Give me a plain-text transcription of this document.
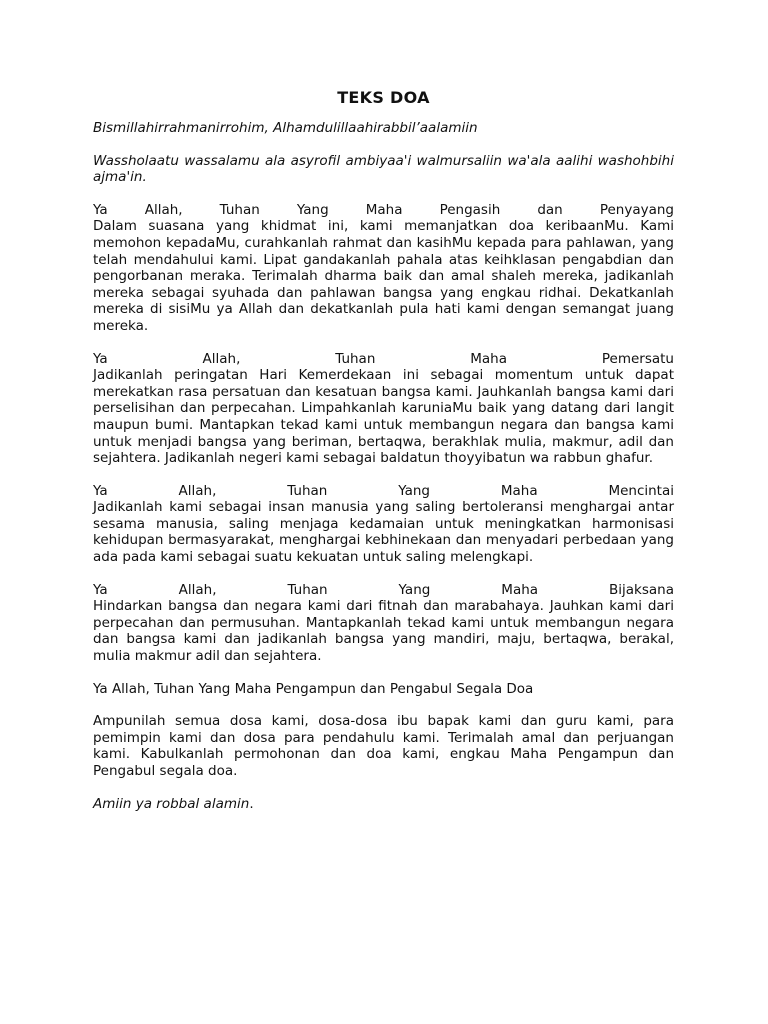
TEKS DOA

Bismillahirrahmanirrohim, Alhamdulillaahirabbil’aalamiin

Wassholaatu wassalamu ala asyrofil ambiyaa'i walmursaliin wa'ala aalihi washohbihi ajma'in.

Ya Allah, Tuhan Yang Maha Pengasih dan Penyayang
Dalam suasana yang khidmat ini, kami memanjatkan doa keribaanMu. Kami memohon kepadaMu, curahkanlah rahmat dan kasihMu kepada para pahlawan, yang telah mendahului kami. Lipat gandakanlah pahala atas keihklasan pengabdian dan pengorbanan meraka. Terimalah dharma baik dan amal shaleh mereka, jadikanlah mereka sebagai syuhada dan pahlawan bangsa yang engkau ridhai. Dekatkanlah mereka di sisiMu ya Allah dan dekatkanlah pula hati kami dengan semangat juang mereka.

Ya Allah, Tuhan Maha Pemersatu
Jadikanlah peringatan Hari Kemerdekaan ini sebagai momentum untuk dapat merekatkan rasa persatuan dan kesatuan bangsa kami. Jauhkanlah bangsa kami dari perselisihan dan perpecahan. Limpahkanlah karuniaMu baik yang datang dari langit maupun bumi. Mantapkan tekad kami untuk membangun negara dan bangsa kami untuk menjadi bangsa yang beriman, bertaqwa, berakhlak mulia, makmur, adil dan sejahtera. Jadikanlah negeri kami sebagai baldatun thoyyibatun wa rabbun ghafur.

Ya Allah, Tuhan Yang Maha Mencintai
Jadikanlah kami sebagai insan manusia yang saling bertoleransi menghargai antar sesama manusia, saling menjaga kedamaian untuk meningkatkan harmonisasi kehidupan bermasyarakat, menghargai kebhinekaan dan menyadari perbedaan yang ada pada kami sebagai suatu kekuatan untuk saling melengkapi.

Ya Allah, Tuhan Yang Maha Bijaksana
Hindarkan bangsa dan negara kami dari fitnah dan marabahaya. Jauhkan kami dari perpecahan dan permusuhan. Mantapkanlah tekad kami untuk membangun negara dan bangsa kami dan jadikanlah bangsa yang mandiri, maju, bertaqwa, berakal, mulia makmur adil dan sejahtera.

Ya Allah, Tuhan Yang Maha Pengampun dan Pengabul Segala Doa

Ampunilah semua dosa kami, dosa-dosa ibu bapak kami dan guru kami, para pemimpin kami dan dosa para pendahulu kami. Terimalah amal dan perjuangan kami. Kabulkanlah permohonan dan doa kami, engkau Maha Pengampun dan Pengabul segala doa.

Amiin ya robbal alamin.
